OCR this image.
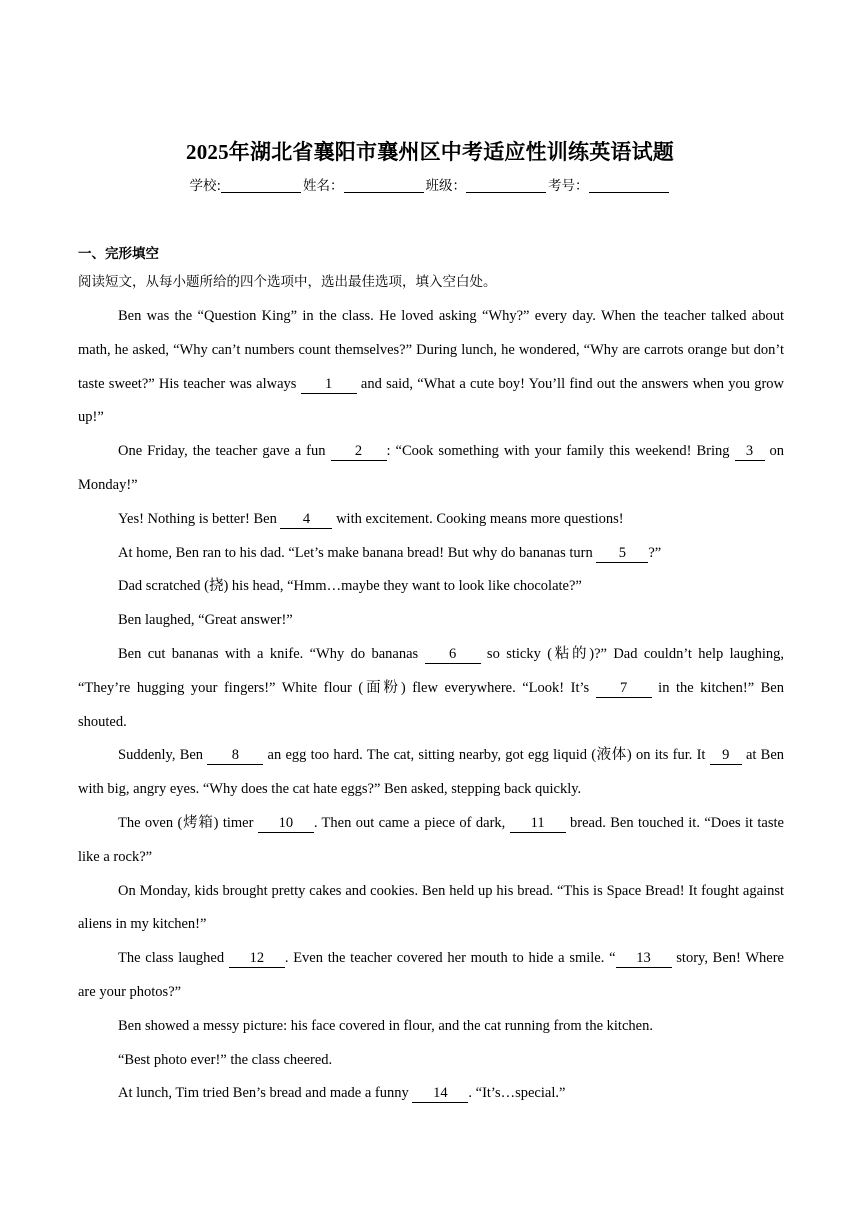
2025年湖北省襄阳市襄州区中考适应性训练英语试题
学校:	姓名：	班级：	考号：
一、完形填空
阅读短文，从每小题所给的四个选项中，选出最佳选项，填入空白处。

Ben was the “Question King” in the class. He loved asking “Why?” every day. When the teacher talked about math, he asked, “Why can’t numbers count themselves?” During lunch, he wondered, “Why are carrots orange but don’t taste sweet?” His teacher was always 1 and said, “What a cute boy! You’ll find out the answers when you grow up!”

One Friday, the teacher gave a fun 2 : “Cook something with your family this weekend! Bring 3 on Monday!”

Yes! Nothing is better! Ben 4 with excitement. Cooking means more questions!

At home, Ben ran to his dad. “Let’s make banana bread! But why do bananas turn 5 ?”

Dad scratched (挠) his head, “Hmm…maybe they want to look like chocolate?”

Ben laughed, “Great answer!”

Ben cut bananas with a knife. “Why do bananas 6 so sticky (粘的)?” Dad couldn’t help laughing, “They’re hugging your fingers!” White flour (面粉) flew everywhere. “Look! It’s 7 in the kitchen!” Ben shouted.

Suddenly, Ben 8 an egg too hard. The cat, sitting nearby, got egg liquid (液体) on its fur. It 9 at Ben with big, angry eyes. “Why does the cat hate eggs?” Ben asked, stepping back quickly.

The oven (烤箱) timer 10 . Then out came a piece of dark, 11 bread. Ben touched it. “Does it taste like a rock?”

On Monday, kids brought pretty cakes and cookies. Ben held up his bread. “This is Space Bread! It fought against aliens in my kitchen!”

The class laughed 12 . Even the teacher covered her mouth to hide a smile. “ 13 story, Ben! Where are your photos?”

Ben showed a messy picture: his face covered in flour, and the cat running from the kitchen.

“Best photo ever!” the class cheered.

At lunch, Tim tried Ben’s bread and made a funny 14 . “It’s…special.”
